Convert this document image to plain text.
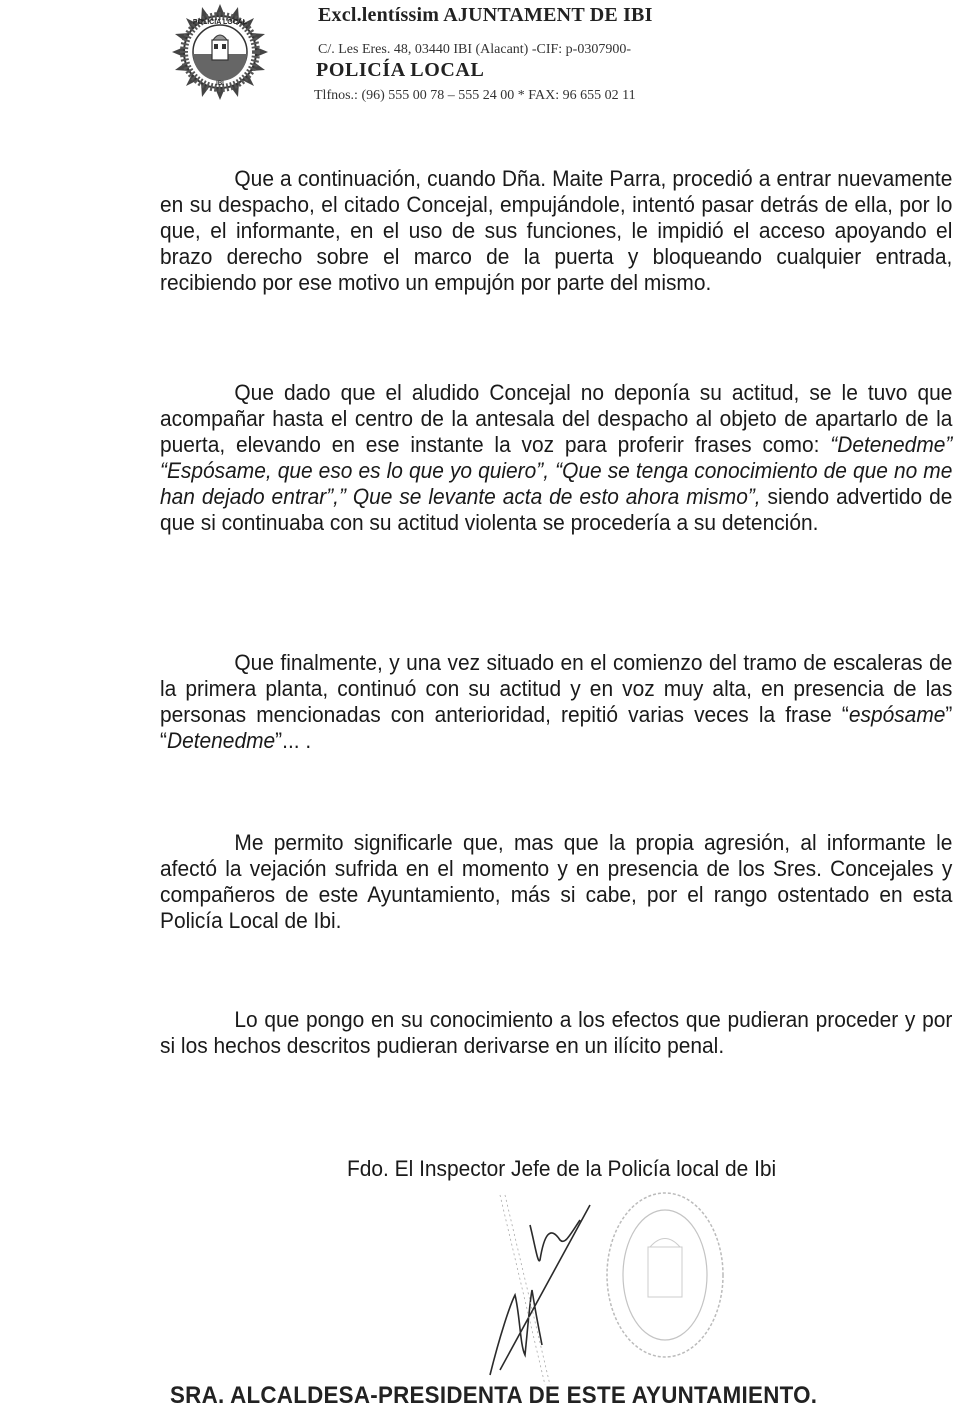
POLICIA LOCAL
IBI
Excl.lentíssim AJUNTAMENT DE IBI
C/. Les Eres. 48, 03440 IBI (Alacant) -CIF: p-0307900-
POLICÍA LOCAL
Tlfnos.: (96) 555 00 78 – 555 24 00 * FAX: 96 655 02 11

Que a continuación, cuando Dña. Maite Parra, procedió a entrar nuevamente en su despacho, el citado Concejal, empujándole, intentó pasar detrás de ella, por lo que, el informante, en el uso de sus funciones, le impidió el acceso apoyando el brazo derecho sobre el marco de la puerta y bloqueando cualquier entrada, recibiendo por ese motivo un empujón por parte del mismo.

Que dado que el aludido Concejal no deponía su actitud, se le tuvo que acompañar hasta el centro de la antesala del despacho al objeto de apartarlo de la puerta, elevando en ese instante la voz para proferir frases como: “Detenedme” “Espósame, que eso es lo que yo quiero”, “Que se tenga conocimiento de que no me han dejado entrar”,” Que se levante acta de esto ahora mismo”, siendo advertido de que si continuaba con su actitud violenta se procedería a su detención.

Que finalmente, y una vez situado en el comienzo del tramo de escaleras de la primera planta, continuó con su actitud y en voz muy alta, en presencia de las personas mencionadas con anterioridad, repitió varias veces la frase “espósame” “Detenedme”... .

Me permito significarle que, mas que la propia agresión, al informante le afectó la vejación sufrida en el momento y en presencia de los Sres. Concejales y compañeros de este Ayuntamiento, más si cabe, por el rango ostentado en esta Policía Local de Ibi.

Lo que pongo en su conocimiento a los efectos que pudieran proceder y por si los hechos descritos pudieran derivarse en un ilícito penal.

Fdo. El Inspector Jefe de la Policía local de Ibi
SRA. ALCALDESA-PRESIDENTA DE ESTE AYUNTAMIENTO.
